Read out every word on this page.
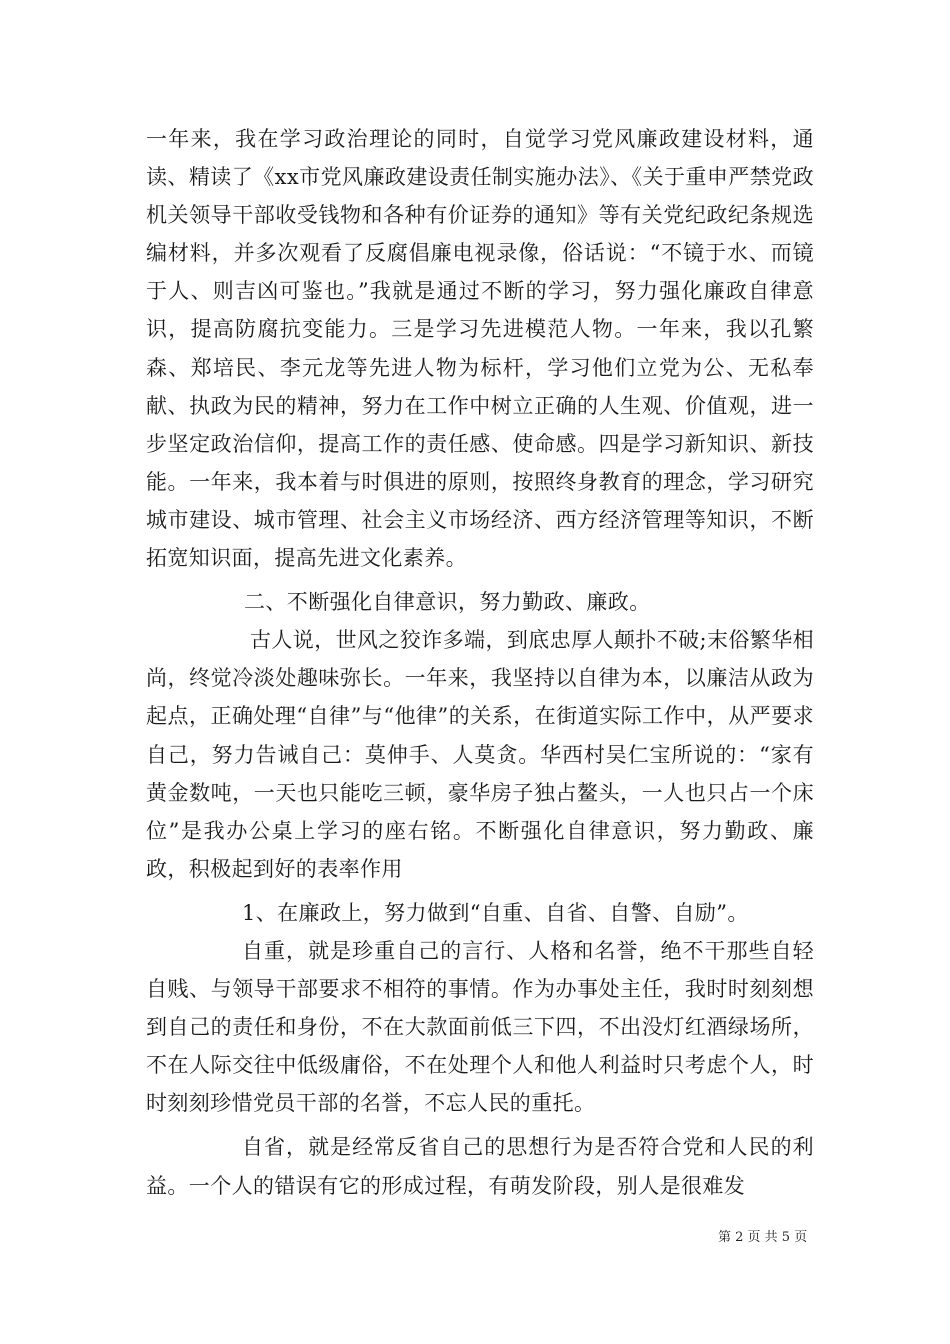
一年来，我在学习政治理论的同时，自觉学习党风廉政建设材料，通读、精读了《xx市党风廉政建设责任制实施办法》、《关于重申严禁党政机关领导干部收受钱物和各种有价证券的通知》等有关党纪政纪条规选编材料，并多次观看了反腐倡廉电视录像，俗话说：“不镜于水、而镜于人、则吉凶可鉴也。”我就是通过不断的学习，努力强化廉政自律意识，提高防腐抗变能力。三是学习先进模范人物。一年来，我以孔繁森、郑培民、李元龙等先进人物为标杆，学习他们立党为公、无私奉献、执政为民的精神，努力在工作中树立正确的人生观、价值观，进一步坚定政治信仰，提高工作的责任感、使命感。四是学习新知识、新技能。一年来，我本着与时俱进的原则，按照终身教育的理念，学习研究城市建设、城市管理、社会主义市场经济、西方经济管理等知识，不断拓宽知识面，提高先进文化素养。

二、不断强化自律意识，努力勤政、廉政。

古人说，世风之狡诈多端，到底忠厚人颠扑不破;末俗繁华相尚，终觉冷淡处趣味弥长。一年来，我坚持以自律为本，以廉洁从政为起点，正确处理“自律”与“他律”的关系，在街道实际工作中，从严要求自己，努力告诫自己：莫伸手、人莫贪。华西村吴仁宝所说的：“家有黄金数吨，一天也只能吃三顿，豪华房子独占鳌头，一人也只占一个床位”是我办公桌上学习的座右铭。不断强化自律意识，努力勤政、廉政，积极起到好的表率作用

1、在廉政上，努力做到“自重、自省、自警、自励”。

自重，就是珍重自己的言行、人格和名誉，绝不干那些自轻自贱、与领导干部要求不相符的事情。作为办事处主任，我时时刻刻想到自己的责任和身份，不在大款面前低三下四，不出没灯红酒绿场所，不在人际交往中低级庸俗，不在处理个人和他人利益时只考虑个人，时时刻刻珍惜党员干部的名誉，不忘人民的重托。

自省，就是经常反省自己的思想行为是否符合党和人民的利益。一个人的错误有它的形成过程，有萌发阶段，别人是很难发

第 2 页 共 5 页
